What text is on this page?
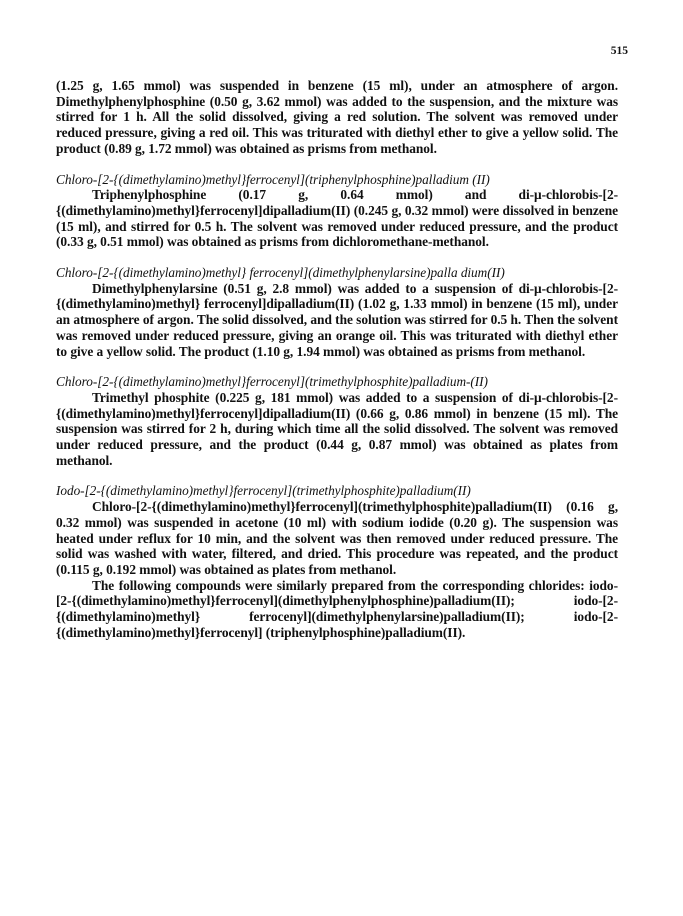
515

(1.25 g, 1.65 mmol) was suspended in benzene (15 ml), under an atmosphere of argon. Dimethylphenylphosphine (0.50 g, 3.62 mmol) was added to the suspension, and the mixture was stirred for 1 h. All the solid dissolved, giving a red solution. The solvent was removed under reduced pressure, giving a red oil. This was triturated with diethyl ether to give a yellow solid. The product (0.89 g, 1.72 mmol) was obtained as prisms from methanol.

Chloro-[2-{(dimethylamino)methyl}ferrocenyl](triphenylphosphine)palladium (II)

Triphenylphosphine (0.17 g, 0.64 mmol) and di-μ-chlorobis-[2-{(dimethylamino)methyl}ferrocenyl]dipalladium(II) (0.245 g, 0.32 mmol) were dissolved in benzene (15 ml), and stirred for 0.5 h. The solvent was removed under reduced pressure, and the product (0.33 g, 0.51 mmol) was obtained as prisms from dichloromethane-methanol.

Chloro-[2-{(dimethylamino)methyl} ferrocenyl](dimethylphenylarsine)palla dium(II)

Dimethylphenylarsine (0.51 g, 2.8 mmol) was added to a suspension of di-μ-chlorobis-[2-{(dimethylamino)methyl} ferrocenyl]dipalladium(II) (1.02 g, 1.33 mmol) in benzene (15 ml), under an atmosphere of argon. The solid dissolved, and the solution was stirred for 0.5 h. Then the solvent was removed under reduced pressure, giving an orange oil. This was triturated with diethyl ether to give a yellow solid. The product (1.10 g, 1.94 mmol) was obtained as prisms from methanol.

Chloro-[2-{(dimethylamino)methyl}ferrocenyl](trimethylphosphite)palladium-(II)

Trimethyl phosphite (0.225 g, 181 mmol) was added to a suspension of di-μ-chlorobis-[2-{(dimethylamino)methyl}ferrocenyl]dipalladium(II) (0.66 g, 0.86 mmol) in benzene (15 ml). The suspension was stirred for 2 h, during which time all the solid dissolved. The solvent was removed under reduced pressure, and the product (0.44 g, 0.87 mmol) was obtained as plates from methanol.

Iodo-[2-{(dimethylamino)methyl}ferrocenyl](trimethylphosphite)palladium(II)

Chloro-[2-{(dimethylamino)methyl}ferrocenyl](trimethylphosphite)palladium(II) (0.16 g, 0.32 mmol) was suspended in acetone (10 ml) with sodium iodide (0.20 g). The suspension was heated under reflux for 10 min, and the solvent was then removed under reduced pressure. The solid was washed with water, filtered, and dried. This procedure was repeated, and the product (0.115 g, 0.192 mmol) was obtained as plates from methanol.

The following compounds were similarly prepared from the corresponding chlorides: iodo-[2-{(dimethylamino)methyl}ferrocenyl](dimethylphenylphosphine)palladium(II); iodo-[2-{(dimethylamino)methyl} ferrocenyl](dimethylphenylarsine)palladium(II); iodo-[2-{(dimethylamino)methyl}ferrocenyl] (triphenylphosphine)palladium(II).
